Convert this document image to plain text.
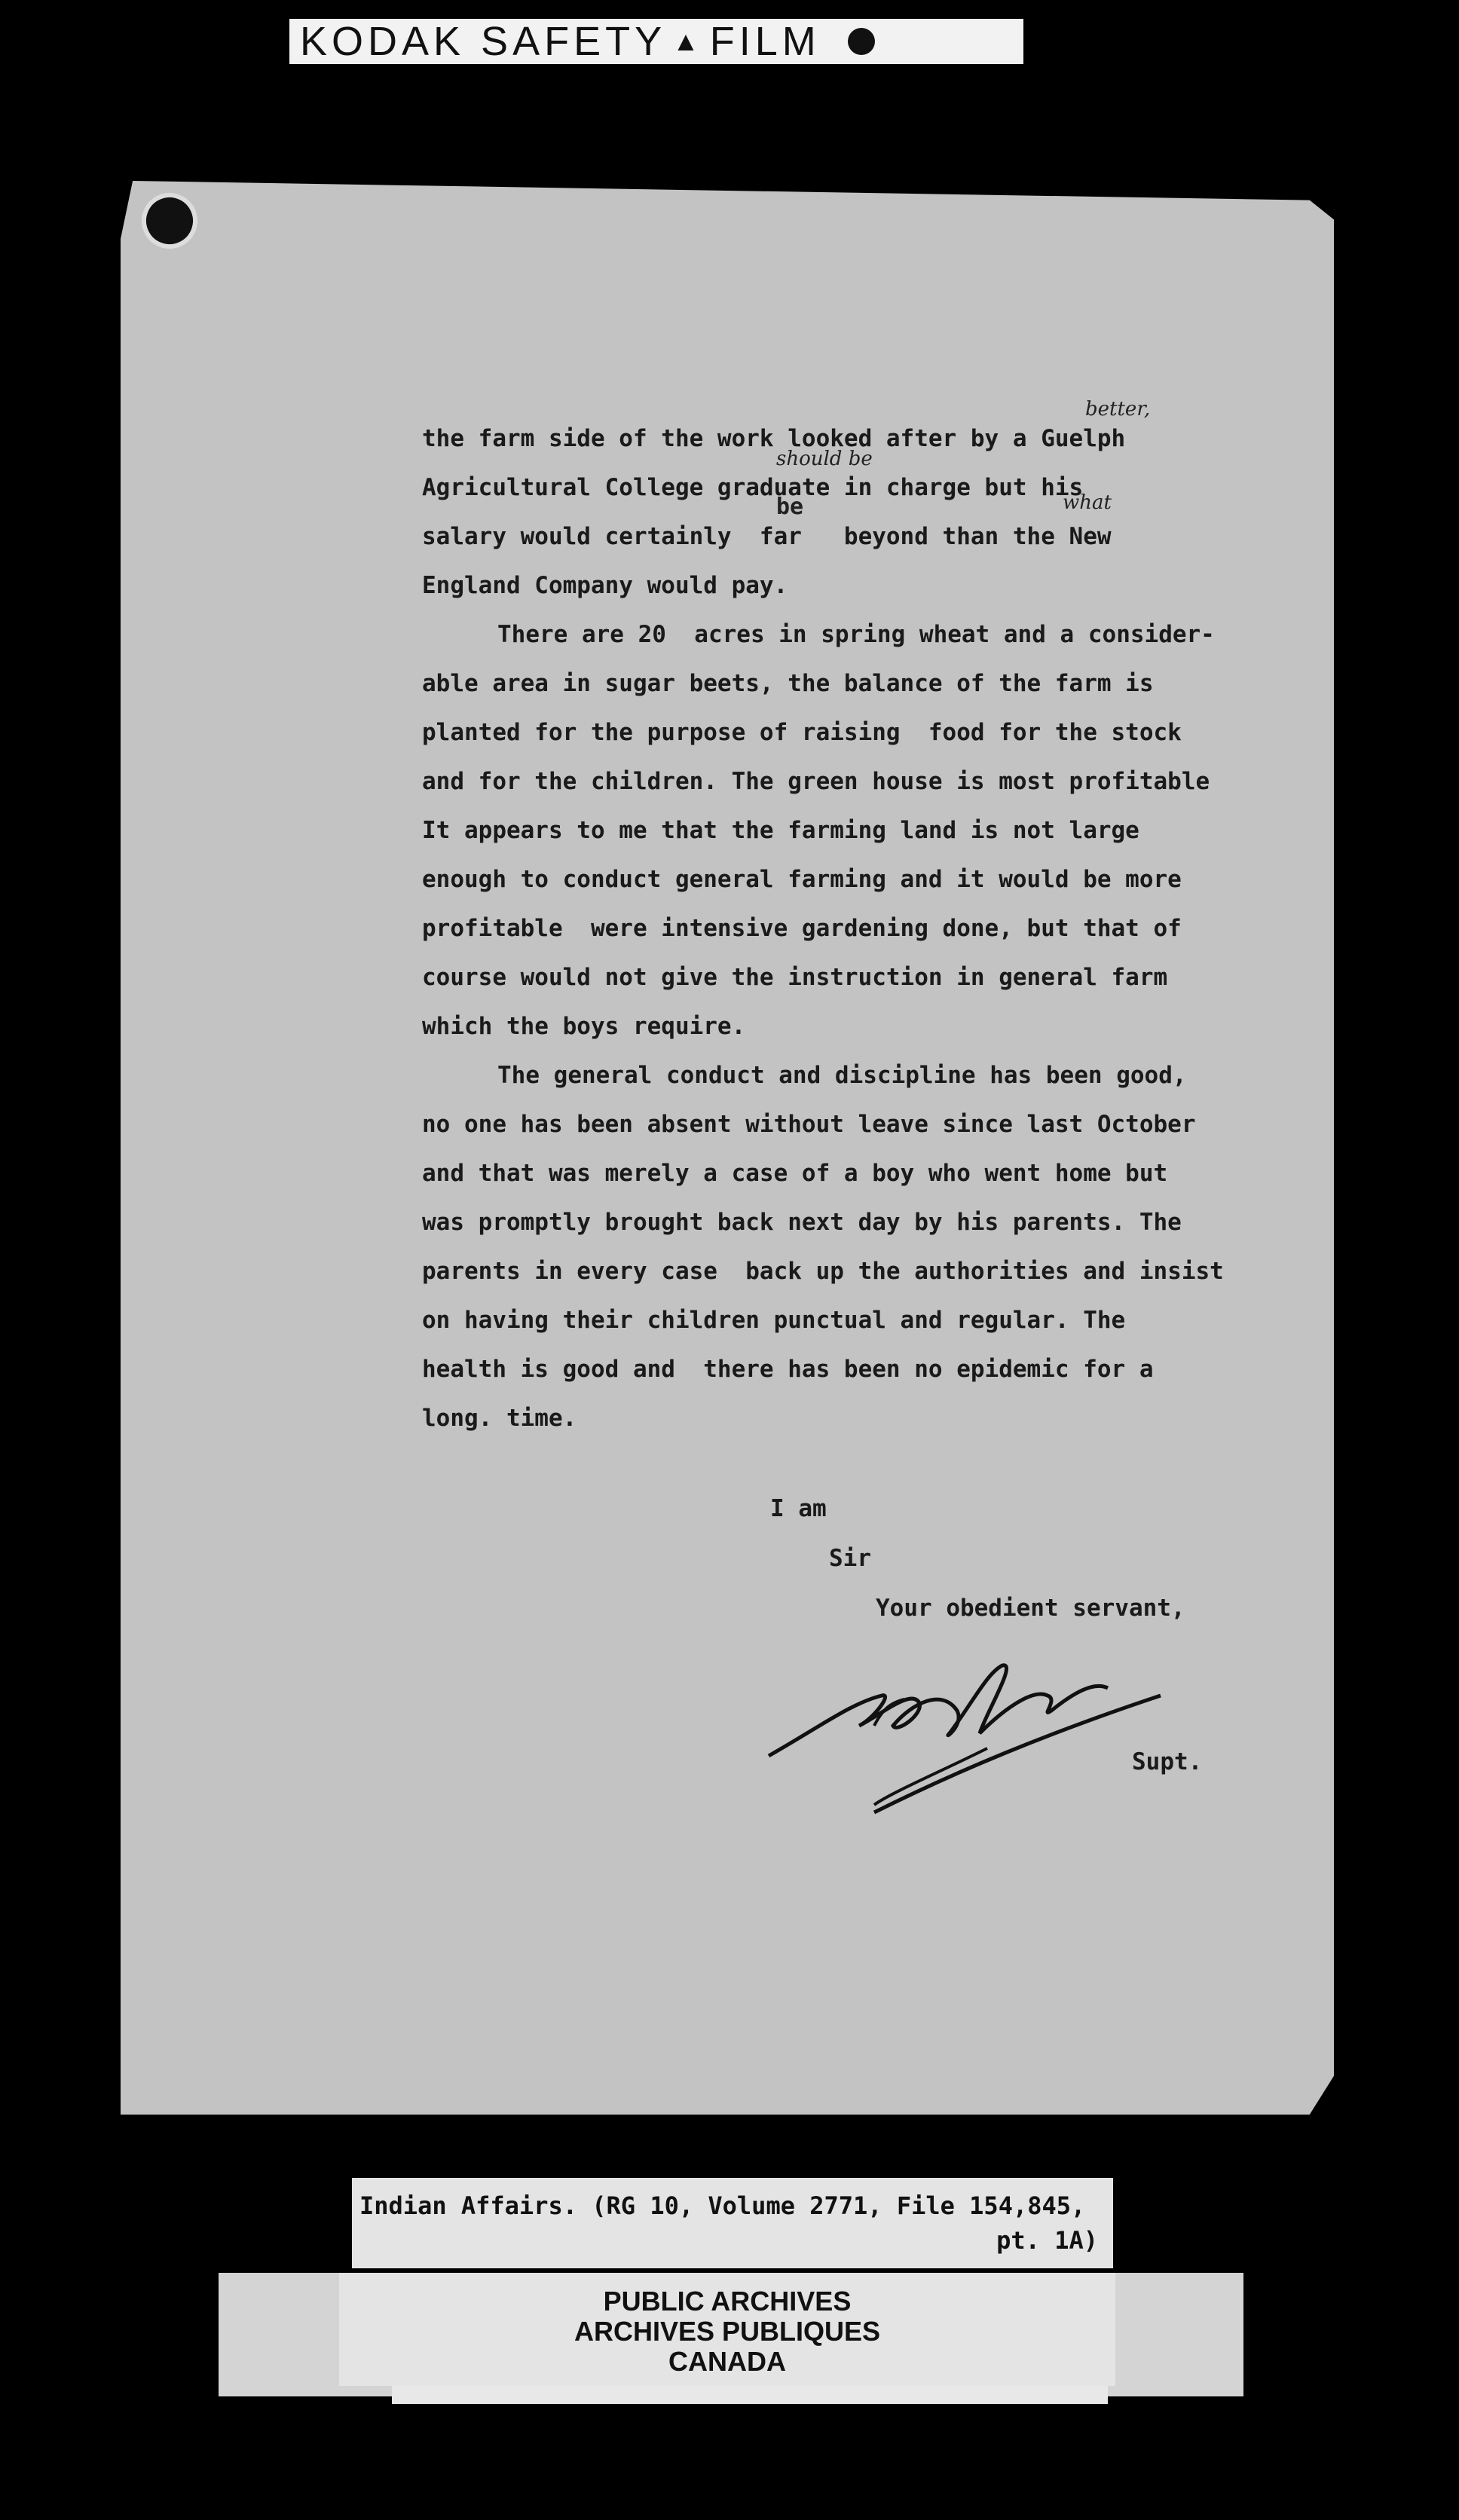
KODAK SAFETY ▲ FILM
better,
should be
be	what

the farm side of the work looked after by a Guelph

Agricultural College graduate in charge but his

salary would certainly  far   beyond than the New

England Company would pay.

There are 20  acres in spring wheat and a consider-

able area in sugar beets, the balance of the farm is

planted for the purpose of raising  food for the stock

and for the children. The green house is most profitable

It appears to me that the farming land is not large

enough to conduct general farming and it would be more

profitable  were intensive gardening done, but that of

course would not give the instruction in general farm

which the boys require.

The general conduct and discipline has been good,

no one has been absent without leave since last October

and that was merely a case of a boy who went home but

was promptly brought back next day by his parents. The

parents in every case  back up the authorities and insist

on having their children punctual and regular. The

health is good and  there has been no epidemic for a

long. time.

I am
Sir
Your obedient servant,
Supt.
Indian Affairs. (RG 10, Volume 2771, File 154,845,
pt. 1A)
PUBLIC ARCHIVES
ARCHIVES PUBLIQUES
CANADA
